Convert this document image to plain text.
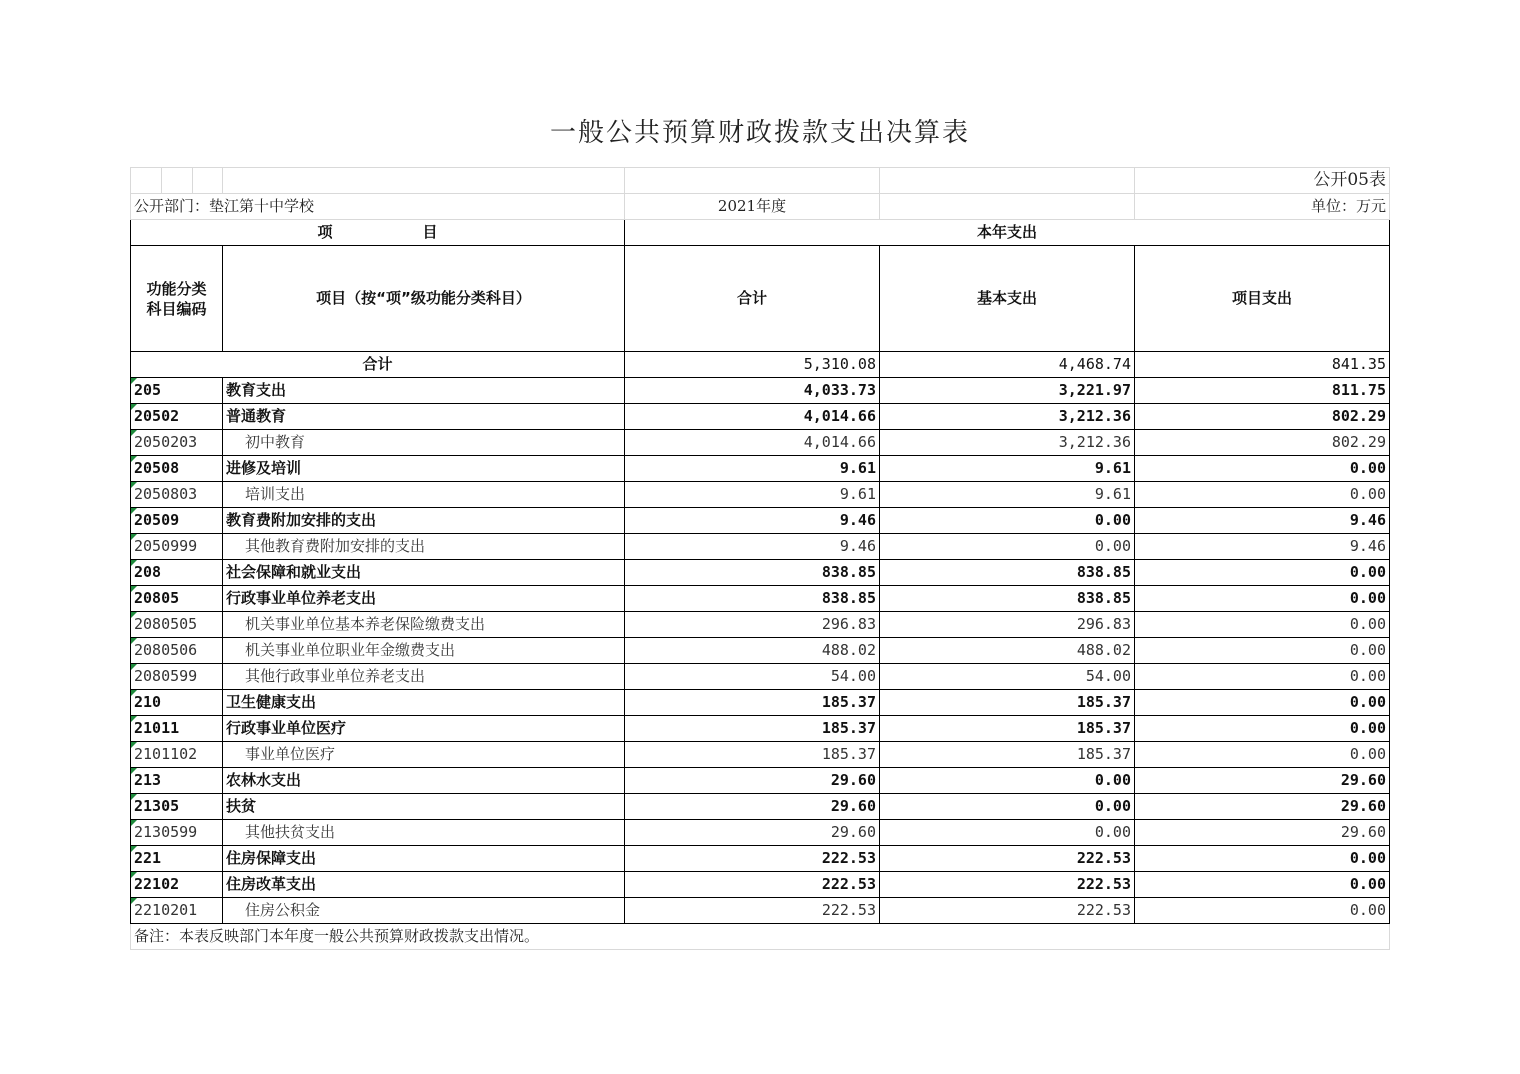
一般公共预算财政拨款支出决算表
						公开05表
公开部门：垫江第十中学校				2021年度		单位：万元
项　　　　　　目				本年支出		

功能分类
科目编码			项目（按“项”级功能分类科目）	合计	基本支出	项目支出
合计				5,310.08	4,468.74	841.35
205			教育支出	4,033.73	3,221.97	811.75
20502			普通教育	4,014.66	3,212.36	802.29
2050203			初中教育	4,014.66	3,212.36	802.29
20508			进修及培训	9.61	9.61	0.00
2050803			培训支出	9.61	9.61	0.00
20509			教育费附加安排的支出	9.46	0.00	9.46
2050999			其他教育费附加安排的支出	9.46	0.00	9.46
208			社会保障和就业支出	838.85	838.85	0.00
20805			行政事业单位养老支出	838.85	838.85	0.00
2080505			机关事业单位基本养老保险缴费支出	296.83	296.83	0.00
2080506			机关事业单位职业年金缴费支出	488.02	488.02	0.00
2080599			其他行政事业单位养老支出	54.00	54.00	0.00
210			卫生健康支出	185.37	185.37	0.00
21011			行政事业单位医疗	185.37	185.37	0.00
2101102			事业单位医疗	185.37	185.37	0.00
213			农林水支出	29.60	0.00	29.60
21305			扶贫	29.60	0.00	29.60
2130599			其他扶贫支出	29.60	0.00	29.60
221			住房保障支出	222.53	222.53	0.00
22102			住房改革支出	222.53	222.53	0.00
2210201			住房公积金	222.53	222.53	0.00
备注：本表反映部门本年度一般公共预算财政拨款支出情况。						
